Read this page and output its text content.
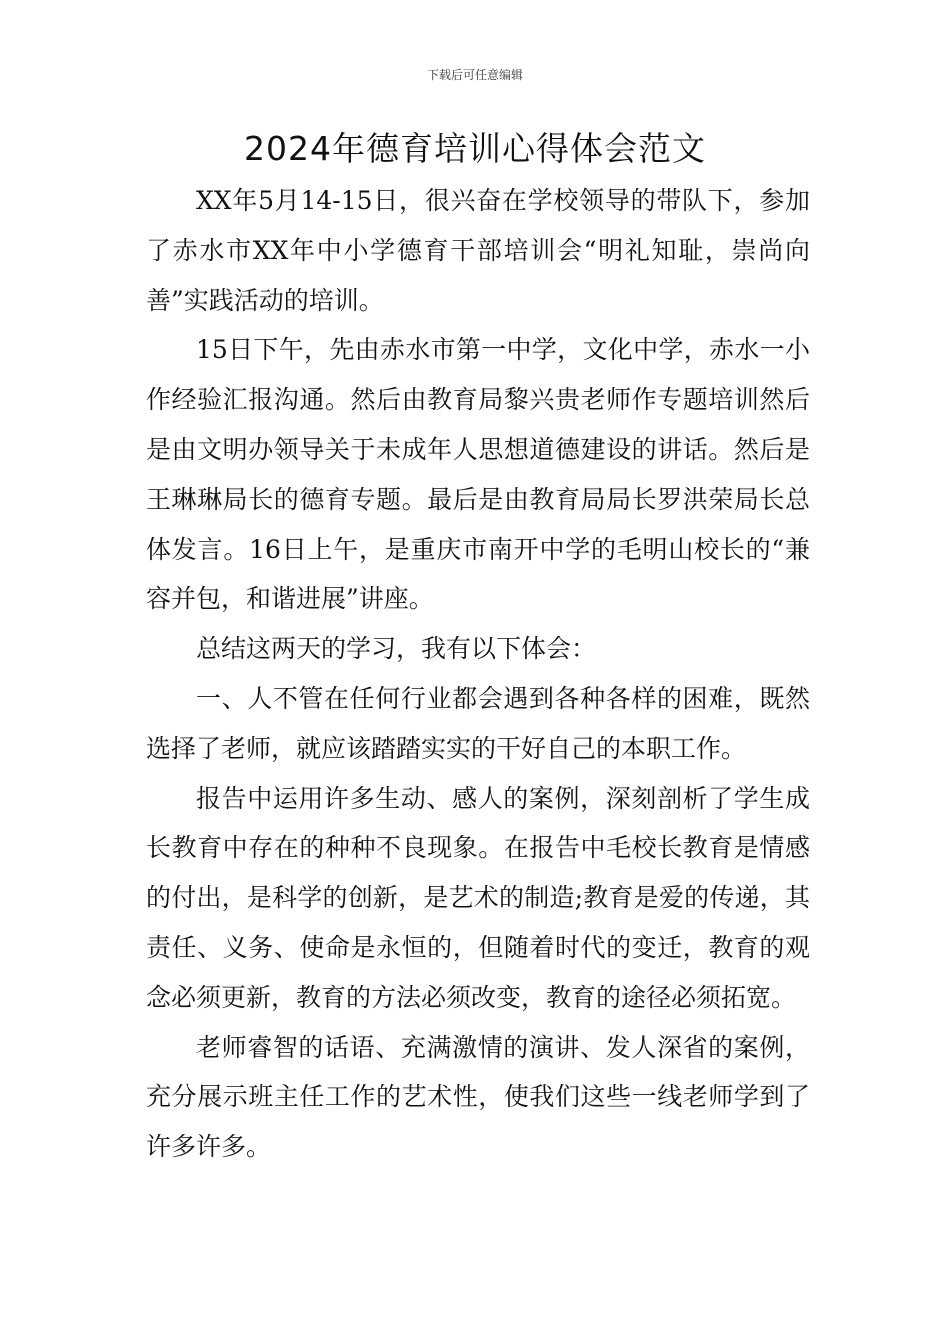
下载后可任意编辑
2024年德育培训心得体会范文

XX年5月14-15日，很兴奋在学校领导的带队下，参加了赤水市XX年中小学德育干部培训会“明礼知耻，崇尚向善”实践活动的培训。

15日下午，先由赤水市第一中学，文化中学，赤水一小作经验汇报沟通。然后由教育局黎兴贵老师作专题培训然后是由文明办领导关于未成年人思想道德建设的讲话。然后是王琳琳局长的德育专题。最后是由教育局局长罗洪荣局长总体发言。16日上午，是重庆市南开中学的毛明山校长的“兼容并包，和谐进展”讲座。

总结这两天的学习，我有以下体会：

一、人不管在任何行业都会遇到各种各样的困难，既然选择了老师，就应该踏踏实实的干好自己的本职工作。

报告中运用许多生动、感人的案例，深刻剖析了学生成长教育中存在的种种不良现象。在报告中毛校长教育是情感的付出，是科学的创新，是艺术的制造;教育是爱的传递，其责任、义务、使命是永恒的，但随着时代的变迁，教育的观念必须更新，教育的方法必须改变，教育的途径必须拓宽。

老师睿智的话语、充满激情的演讲、发人深省的案例，充分展示班主任工作的艺术性，使我们这些一线老师学到了许多许多。
